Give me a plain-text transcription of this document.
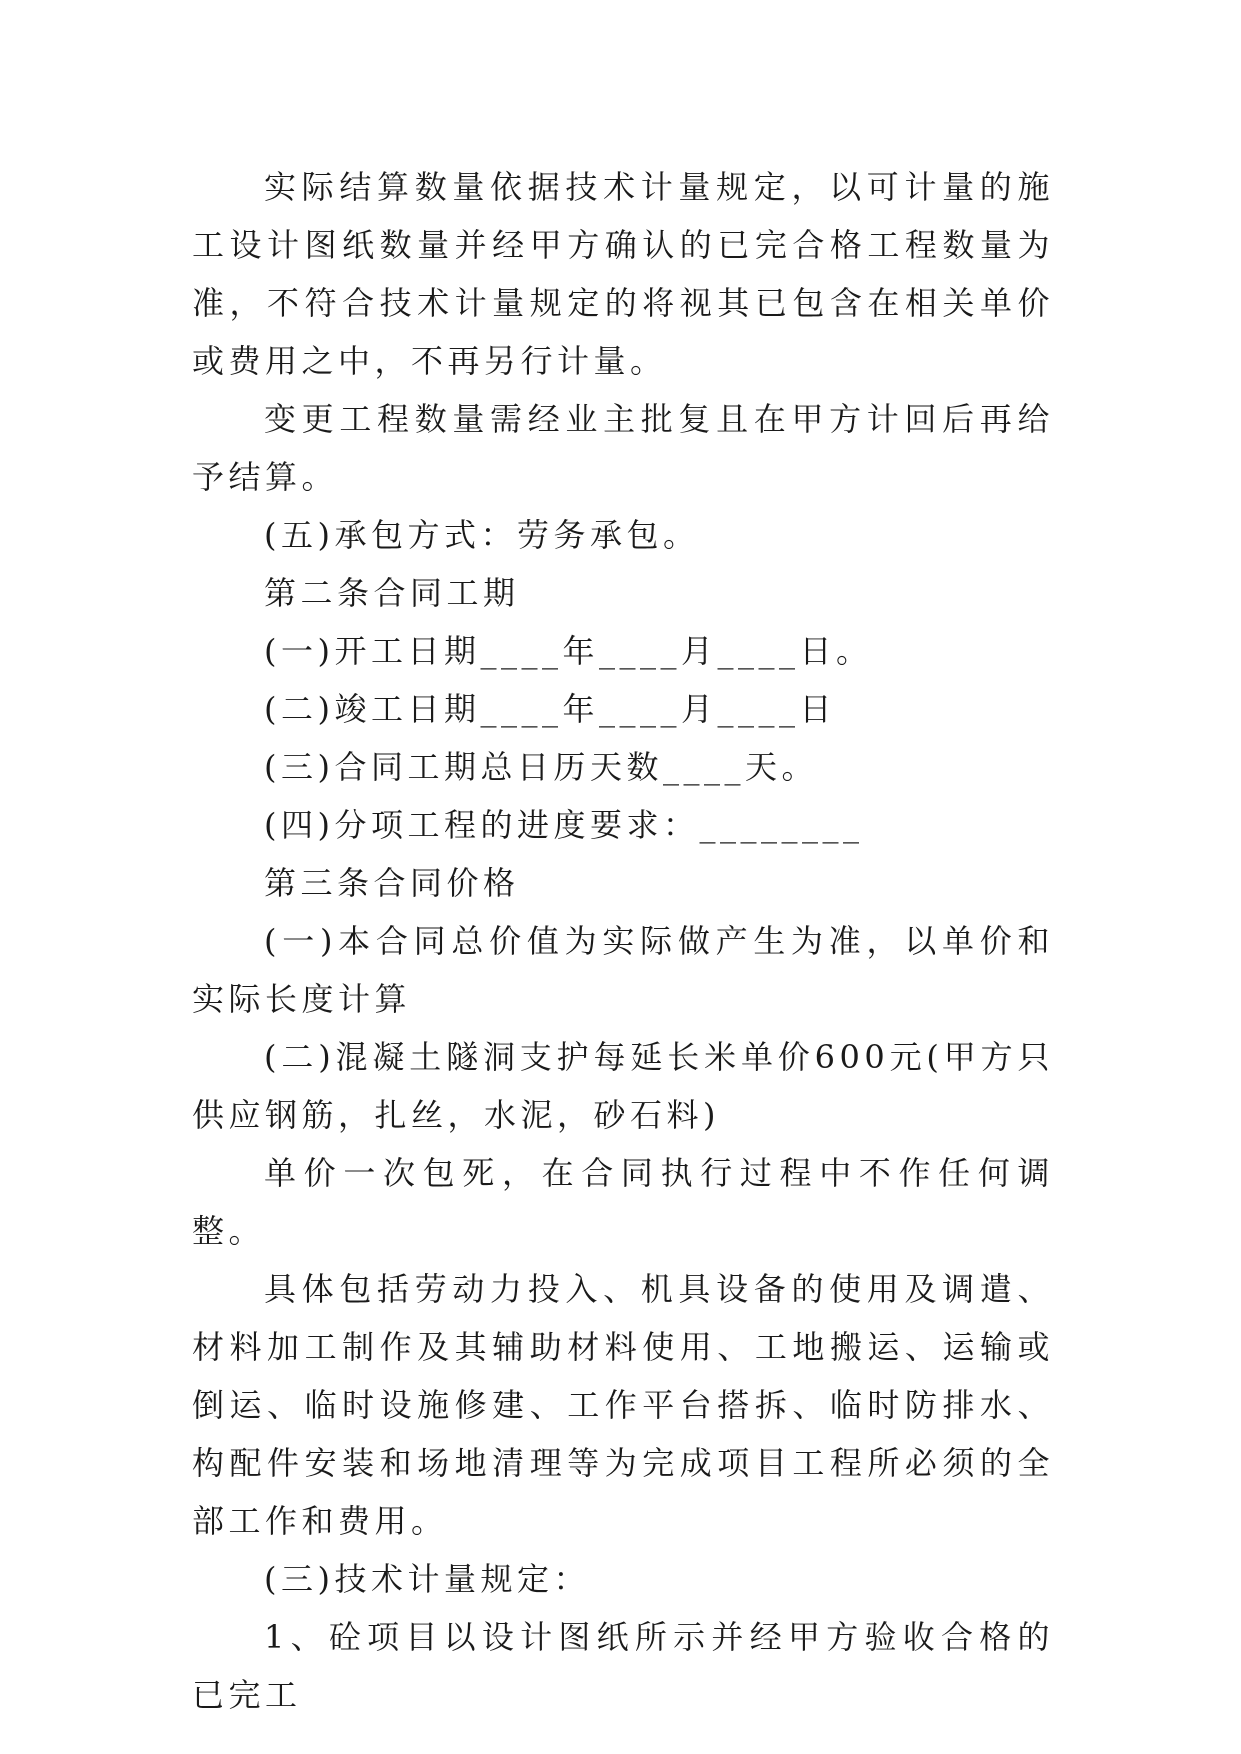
实际结算数量依据技术计量规定，以可计量的施工设计图纸数量并经甲方确认的已完合格工程数量为准，不符合技术计量规定的将视其已包含在相关单价或费用之中，不再另行计量。

变更工程数量需经业主批复且在甲方计回后再给予结算。

(五)承包方式：劳务承包。

第二条合同工期

(一)开工日期____年____月____日。

(二)竣工日期____年____月____日

(三)合同工期总日历天数____天。

(四)分项工程的进度要求：________

第三条合同价格

(一)本合同总价值为实际做产生为准，以单价和实际长度计算

(二)混凝土隧洞支护每延长米单价600元(甲方只供应钢筋，扎丝，水泥，砂石料)

单价一次包死，在合同执行过程中不作任何调整。

具体包括劳动力投入、机具设备的使用及调遣、材料加工制作及其辅助材料使用、工地搬运、运输或倒运、临时设施修建、工作平台搭拆、临时防排水、构配件安装和场地清理等为完成项目工程所必须的全部工作和费用。

(三)技术计量规定：

1、砼项目以设计图纸所示并经甲方验收合格的已完工
